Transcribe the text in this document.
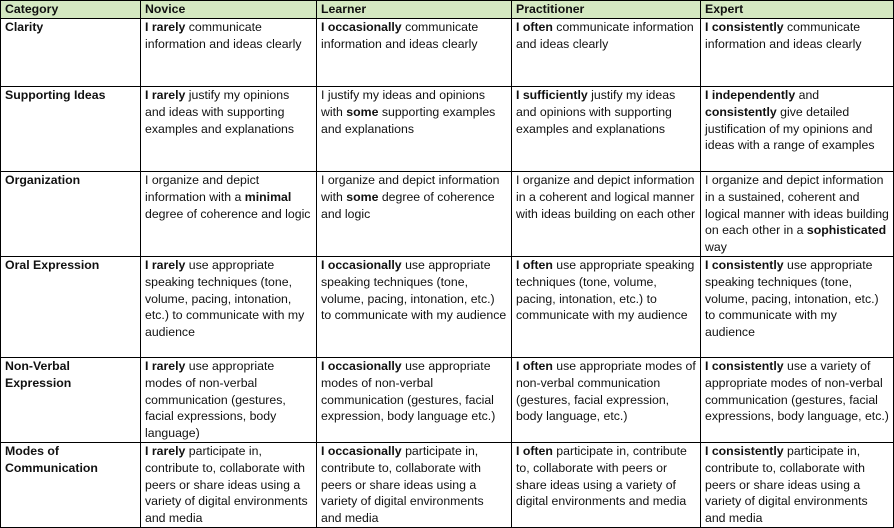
Category	Novice	Learner	Practitioner	Expert
Clarity	I rarely communicate information and ideas clearly	I occasionally communicate information and ideas clearly	I often communicate information and ideas clearly	I consistently communicate information and ideas clearly
Supporting Ideas	I rarely justify my opinions and ideas with supporting examples and explanations	I justify my ideas and opinions with some supporting examples and explanations	I sufficiently justify my ideas and opinions with supporting examples and explanations	I independently and consistently give detailed justification of my opinions and ideas with a range of examples
Organization	I organize and depict information with a minimal degree of coherence and logic	I organize and depict information with some degree of coherence and logic	I organize and depict information in a coherent and logical manner with ideas building on each other	I organize and depict information in a sustained, coherent and logical manner with ideas building on each other in a sophisticated way
Oral Expression	I rarely use appropriate speaking techniques (tone, volume, pacing, intonation, etc.) to communicate with my audience	I occasionally use appropriate speaking techniques (tone, volume, pacing, intonation, etc.) to communicate with my audience	I often use appropriate speaking techniques (tone, volume, pacing, intonation, etc.) to communicate with my audience	I consistently use appropriate speaking techniques (tone, volume, pacing, intonation, etc.) to communicate with my audience
Non-Verbal Expression	I rarely use appropriate modes of non-verbal communication (gestures, facial expressions, body language)	I occasionally use appropriate modes of non-verbal communication (gestures, facial expression, body language etc.)	I often use appropriate modes of non-verbal communication (gestures, facial expression, body language, etc.)	I consistently use a variety of appropriate modes of non-verbal communication (gestures, facial expressions, body language, etc.)
Modes of Communication	I rarely participate in, contribute to, collaborate with peers or share ideas using a variety of digital environments and media	I occasionally participate in, contribute to, collaborate with peers or share ideas using a variety of digital environments and media	I often participate in, contribute to, collaborate with peers or share ideas using a variety of digital environments and media	I consistently participate in, contribute to, collaborate with peers or share ideas using a variety of digital environments and media
